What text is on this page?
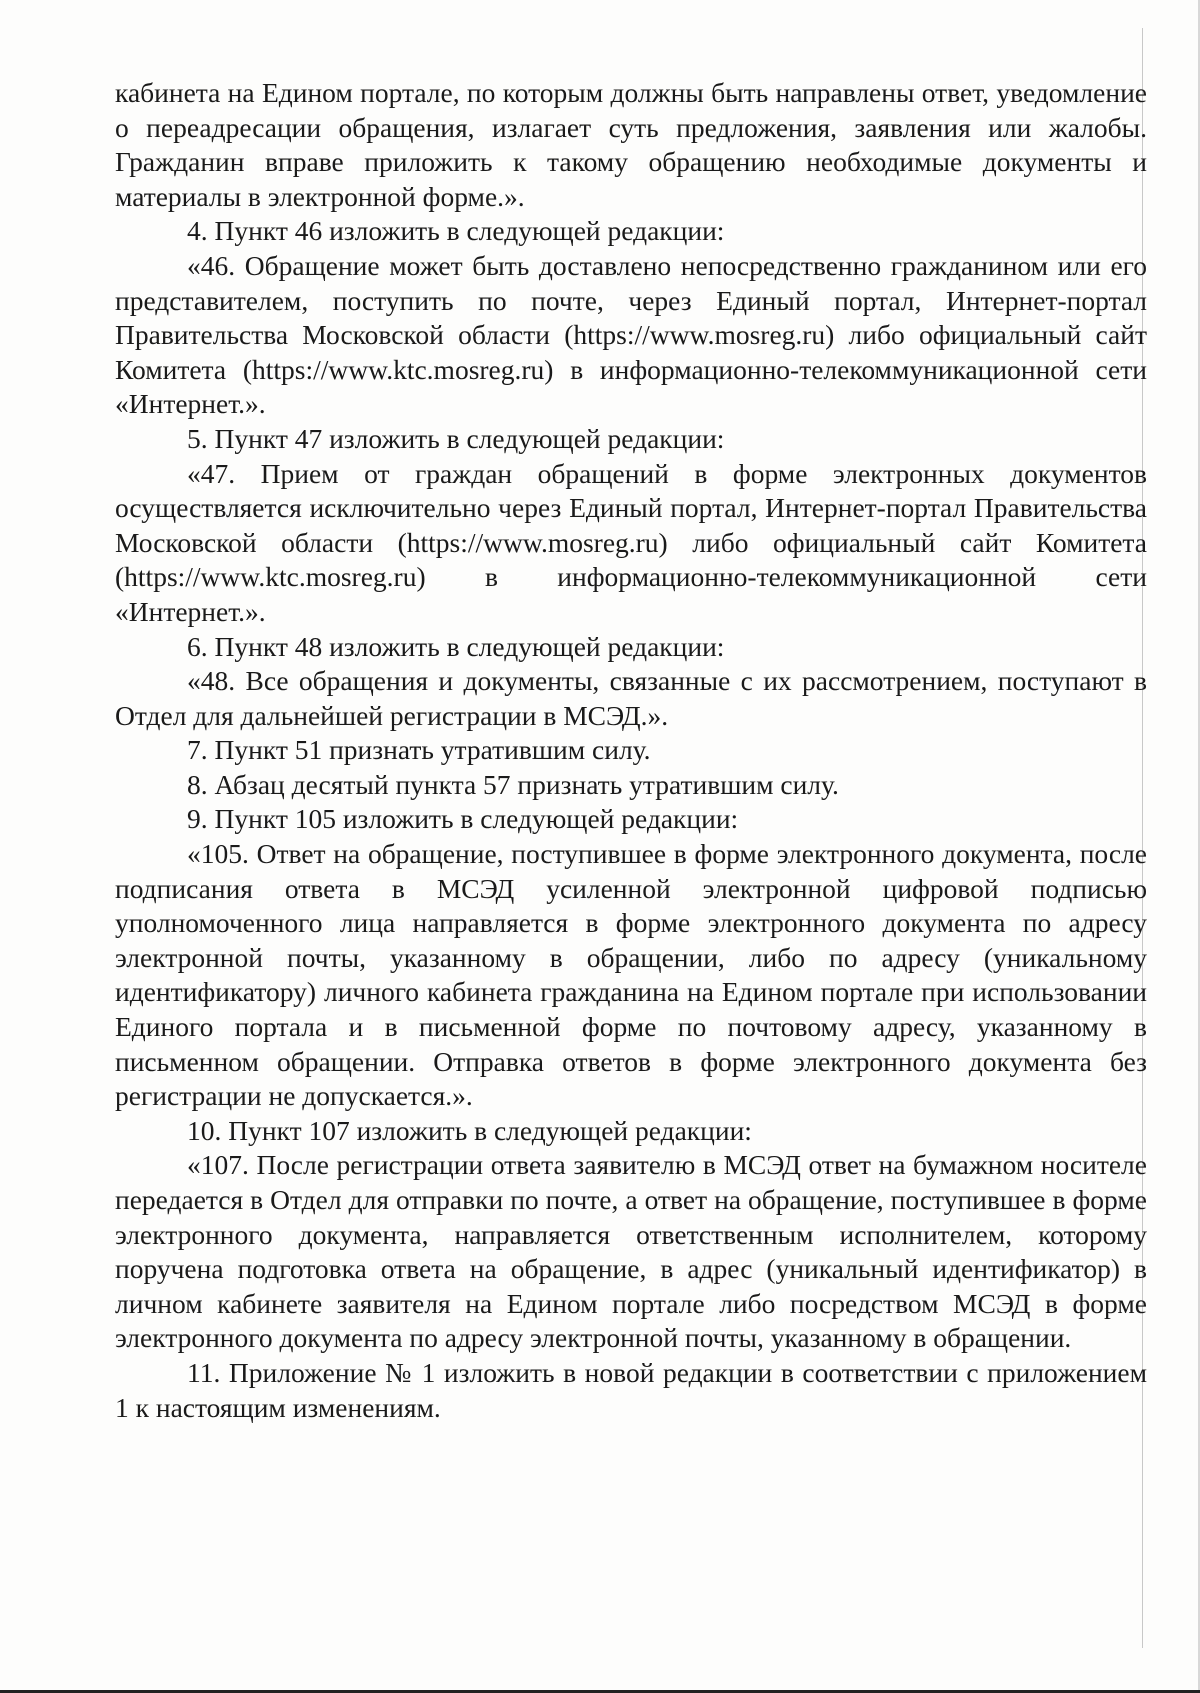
кабинета на Едином портале, по которым должны быть направлены ответ, уведомление о переадресации обращения, излагает суть предложения, заявления или жалобы. Гражданин вправе приложить к такому обращению необходимые документы и материалы в электронной форме.».

4. Пункт 46 изложить в следующей редакции:

«46. Обращение может быть доставлено непосредственно гражданином или его представителем, поступить по почте, через Единый портал, Интернет-портал Правительства Московской области (https://www.mosreg.ru) либо официальный сайт Комитета (https://www.ktc.mosreg.ru) в информационно-телекоммуникационной сети «Интернет.».

5. Пункт 47 изложить в следующей редакции:

«47. Прием от граждан обращений в форме электронных документов осуществляется исключительно через Единый портал, Интернет-портал Правительства Московской области (https://www.mosreg.ru) либо официальный сайт Комитета (https://www.ktc.mosreg.ru) в информационно-телекоммуникационной сети «Интернет.».

6. Пункт 48 изложить в следующей редакции:

«48. Все обращения и документы, связанные с их рассмотрением, поступают в Отдел для дальнейшей регистрации в МСЭД.».

7. Пункт 51 признать утратившим силу.

8. Абзац десятый пункта 57 признать утратившим силу.

9. Пункт 105 изложить в следующей редакции:

«105. Ответ на обращение, поступившее в форме электронного документа, после подписания ответа в МСЭД усиленной электронной цифровой подписью уполномоченного лица направляется в форме электронного документа по адресу электронной почты, указанному в обращении, либо по адресу (уникальному идентификатору) личного кабинета гражданина на Едином портале при использовании Единого портала и в письменной форме по почтовому адресу, указанному в письменном обращении. Отправка ответов в форме электронного документа без регистрации не допускается.».

10. Пункт 107 изложить в следующей редакции:

«107. После регистрации ответа заявителю в МСЭД ответ на бумажном носителе передается в Отдел для отправки по почте, а ответ на обращение, поступившее в форме электронного документа, направляется ответственным исполнителем, которому поручена подготовка ответа на обращение, в адрес (уникальный идентификатор) в личном кабинете заявителя на Едином портале либо посредством МСЭД в форме электронного документа по адресу электронной почты, указанному в обращении.

11. Приложение № 1 изложить в новой редакции в соответствии с приложением 1 к настоящим изменениям.
